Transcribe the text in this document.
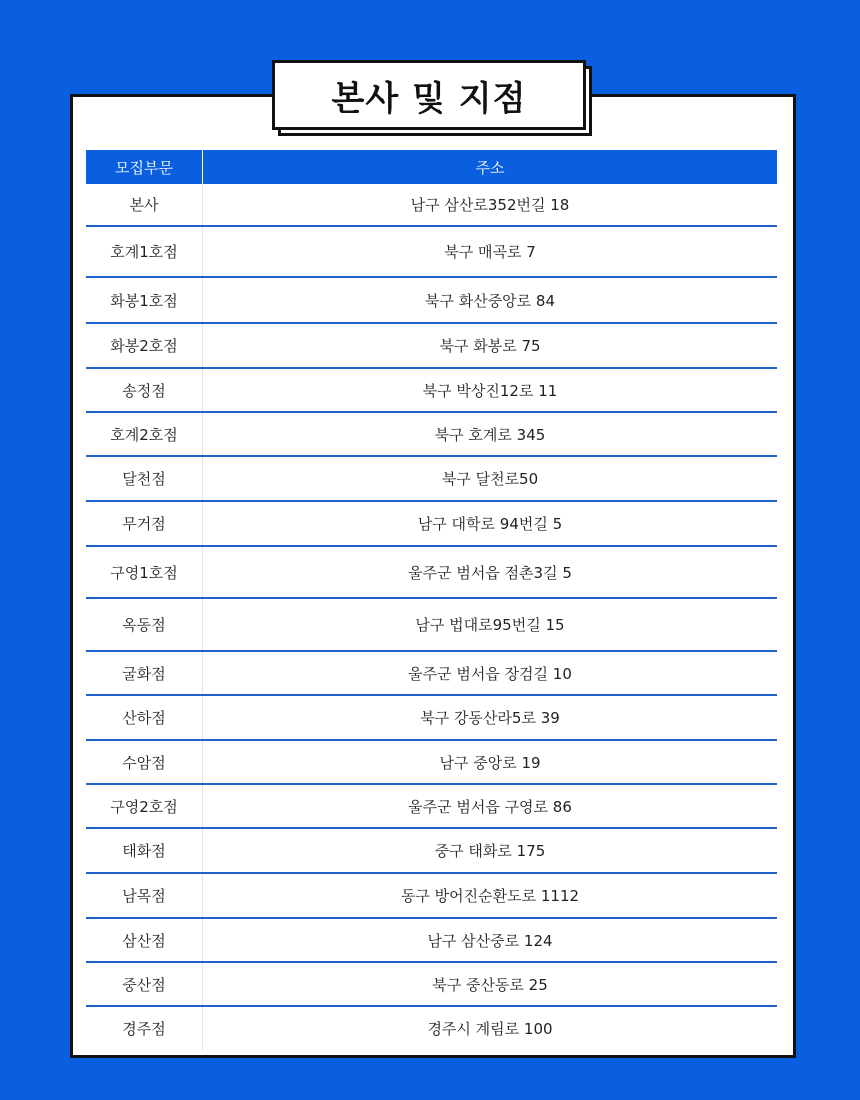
본사 및 지점
모집부문	주소
본사	남구 삼산로352번길 18
호계1호점	북구 매곡로 7
화봉1호점	북구 화산중앙로 84
화봉2호점	북구 화봉로 75
송정점	북구 박상진12로 11
호계2호점	북구 호계로 345
달천점	북구 달천로50
무거점	남구 대학로 94번길 5
구영1호점	울주군 범서읍 점촌3길 5
옥동점	남구 법대로95번길 15
굴화점	울주군 범서읍 장검길 10
산하점	북구 강동산라5로 39
수암점	남구 중앙로 19
구영2호점	울주군 범서읍 구영로 86
태화점	중구 태화로 175
남목점	동구 방어진순환도로 1112
삼산점	남구 삼산중로 124
중산점	북구 중산동로 25
경주점	경주시 계림로 100
